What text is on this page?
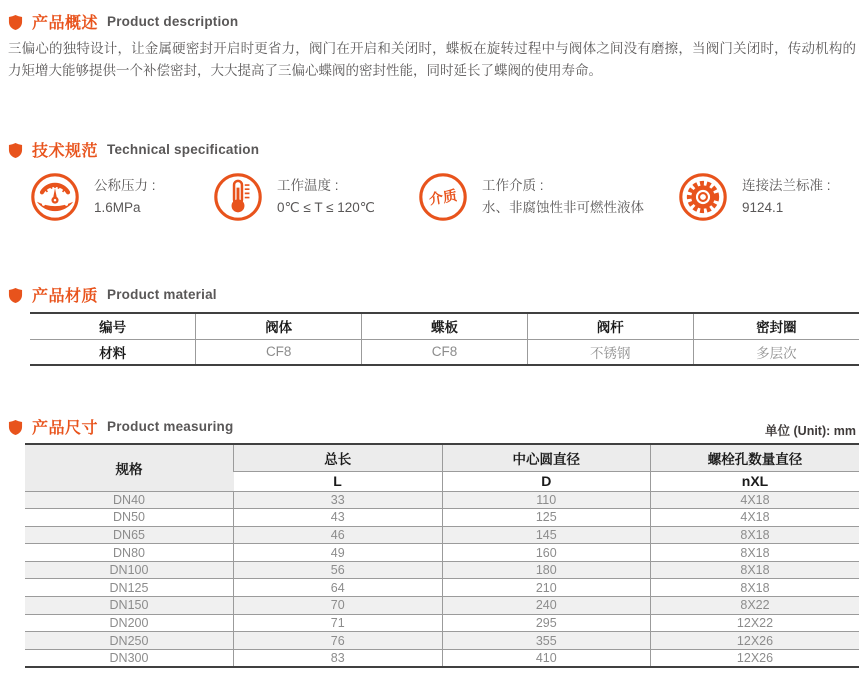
产品概述 Product description
三偏心的独特设计，让金属硬密封开启时更省力，阀门在开启和关闭时，蝶板在旋转过程中与阀体之间没有磨擦，当阀门关闭时，传动机构的力矩增大能够提供一个补偿密封，大大提高了三偏心蝶阀的密封性能，同时延长了蝶阀的使用寿命。
技术规范 Technical specification
公称压力 :
1.6MPa
工作温度 :
0℃ ≤ T ≤ 120℃
介质
工作介质 :
水、非腐蚀性非可燃性液体
连接法兰标准 :
9124.1
产品材质 Product material
编号	阀体	蝶板	阀杆	密封圈
材料	CF8	CF8	不锈钢	多层次
产品尺寸 Product measuring	单位 (Unit): mm
规格	总长	中心圆直径	螺栓孔数量直径
	L	D	nXL
DN40	33	110	4X18
DN50	43	125	4X18
DN65	46	145	8X18
DN80	49	160	8X18
DN100	56	180	8X18
DN125	64	210	8X18
DN150	70	240	8X22
DN200	71	295	12X22
DN250	76	355	12X26
DN300	83	410	12X26
